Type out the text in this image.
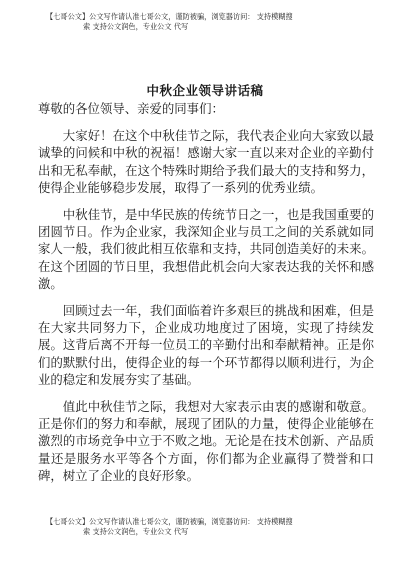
【七哥公文】公文写作请认准七哥公文，谨防被骗，浏览器访问： 支持模糊搜
索 支持公文润色，专业公文 代写
中秋企业领导讲话稿

尊敬的各位领导、亲爱的同事们：

大家好！在这个中秋佳节之际，我代表企业向大家致以最诚挚的问候和中秋的祝福！感谢大家一直以来对企业的辛勤付出和无私奉献，在这个特殊时期给予我们最大的支持和努力，使得企业能够稳步发展，取得了一系列的优秀业绩。

中秋佳节，是中华民族的传统节日之一，也是我国重要的团圆节日。作为企业家，我深知企业与员工之间的关系就如同家人一般，我们彼此相互依靠和支持，共同创造美好的未来。在这个团圆的节日里，我想借此机会向大家表达我的关怀和感激。

回顾过去一年，我们面临着许多艰巨的挑战和困难，但是在大家共同努力下，企业成功地度过了困境，实现了持续发展。这背后离不开每一位员工的辛勤付出和奉献精神。正是你们的默默付出，使得企业的每一个环节都得以顺利进行，为企业的稳定和发展夯实了基础。

值此中秋佳节之际，我想对大家表示由衷的感谢和敬意。正是你们的努力和奉献，展现了团队的力量，使得企业能够在激烈的市场竞争中立于不败之地。无论是在技术创新、产品质量还是服务水平等各个方面，你们都为企业赢得了赞誉和口碑，树立了企业的良好形象。

【七哥公文】公文写作请认准七哥公文，谨防被骗，浏览器访问： 支持模糊搜
索 支持公文润色，专业公文 代写
